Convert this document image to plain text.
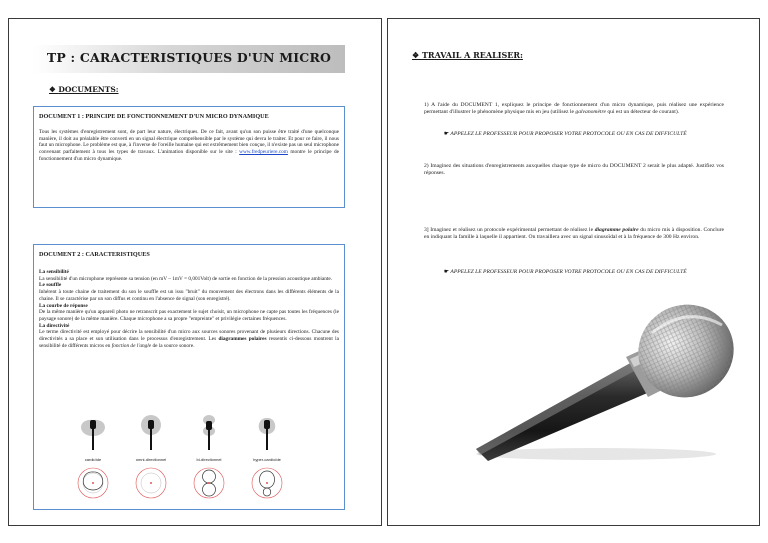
TP : CARACTERISTIQUES D'UN MICRO
❖ DOCUMENTS:
DOCUMENT 1 : PRINCIPE DE FONCTIONNEMENT D'UN MICRO DYNAMIQUE
Tous les systèmes d'enregistrement sont, de part leur nature, électriques. De ce fait, avant qu'un son puisse être traité d'une quelconque manière, il doit au préalable être converti en un signal électrique compréhensible par le système qui devra le traiter. Et pour ce faire, il nous faut un microphone. Le problème est que, à l'inverse de l'oreille humaine qui est extrêmement bien conçue, il n'existe pas un seul microphone convenant parfaitement à tous les types de travaux. L'animation disponible sur le site : www.fredpeuriere.com montre le principe de fonctionnement d'un micro dynamique.
DOCUMENT 2 : CARACTERISTIQUES
La sensibilité
La sensibilité d'un microphone représente sa tension (en mV – 1mV = 0,001Volt) de sortie en fonction de la pression acoustique ambiante.
Le souffle
Inhérent à toute chaine de traitement du son le souffle est un issu "bruit" du mouvement des électrons dans les différents éléments de la chaine. Il se caractérise par un son diffus et continu en l'absence de signal (son enregistré).
La courbe de réponse
De la même manière qu'un appareil photo ne retranscrit pas exactement le sujet choisit, un microphone ne capte pas toutes les fréquences (le paysage sonore) de la même manière. Chaque microphone a sa propre "empreinte" et privilégie certaines fréquences.
La directivité
Le terme directivité est employé pour décrire la sensibilité d'un micro aux sources sonores provenant de plusieurs directions. Chacune des directivités a sa place et son utilisation dans le processus d'enregistrement. Les diagrammes polaires ressentis ci-dessous montrent la sensibilité de différents micros en fonction de l'angle de la source sonore.
cardioïde	omni-directionnel	bi-directionnel	hyper-cardioïde
❖ TRAVAIL A REALISER:
1) A l'aide du DOCUMENT 1, expliquez le principe de fonctionnement d'un micro dynamique, puis réalisez une expérience permettant d'illustrer le phénomène physique mis en jeu (utilisez le galvanomètre qui est un détecteur de courant).
☛ APPELEZ LE PROFESSEUR POUR PROPOSER VOTRE PROTOCOLE OU EN CAS DE DIFFICULTÉ
2) Imaginez des situations d'enregistrements auxquelles chaque type de micro du DOCUMENT 2 serait le plus adapté. Justifiez vos réponses.
3] Imaginez et réalisez un protocole expérimental permettant de réalisez le diagramme polaire du micro mis à disposition. Conclure en indiquant la famille à laquelle il appartient. On travaillera avec un signal sinusoïdal et à la fréquence de 300 Hz environ.
☛ APPELEZ LE PROFESSEUR POUR PROPOSER VOTRE PROTOCOLE OU EN CAS DE DIFFICULTÉ
